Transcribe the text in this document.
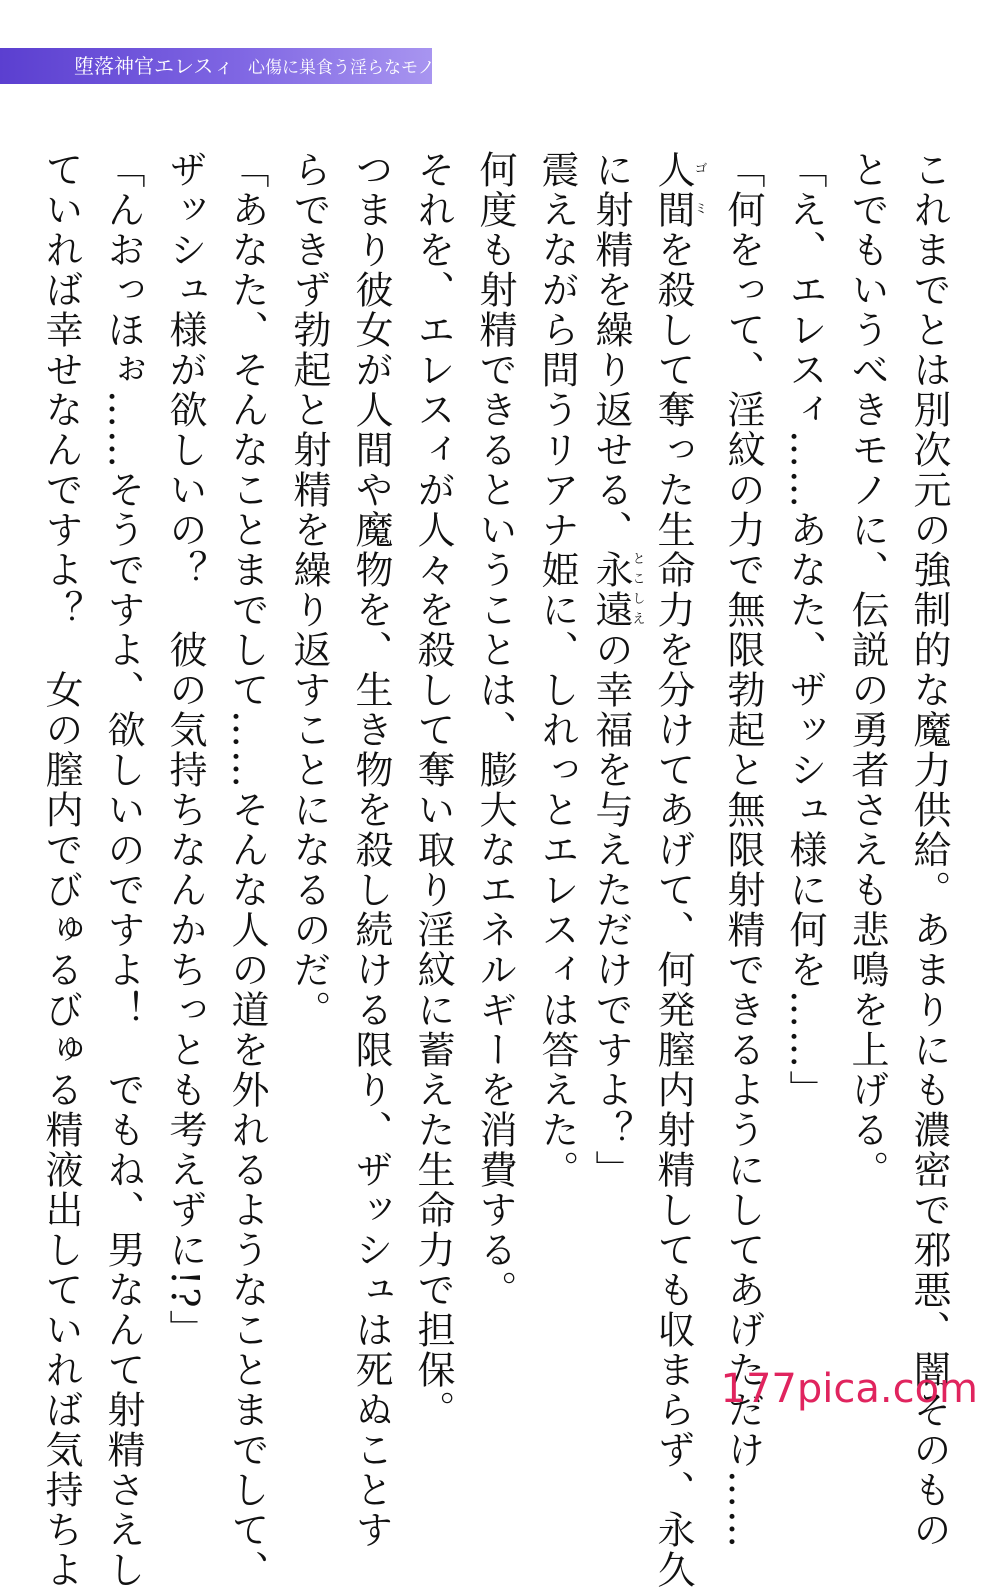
堕落神官エレスィ 心傷に巣食う淫らなモノ
これまでとは別次元の強制的な魔力供給。あまりにも濃密で邪悪、闇そのもの
とでもいうべきモノに、伝説の勇者さえも悲鳴を上げる。
「え、エレスィ……あなた、ザッシュ様に何を……」
「何をって、淫紋の力で無限勃起と無限射精できるようにしてあげただけ……
人間ゴミを殺して奪った生命力を分けてあげて、何発膣内射精しても収まらず、永久
に射精を繰り返せる、永遠とこしえの幸福を与えただけですよ？」
震えながら問うリアナ姫に、しれっとエレスィは答えた。
何度も射精できるということは、膨大なエネルギーを消費する。
それを、エレスィが人々を殺して奪い取り淫紋に蓄えた生命力で担保。
つまり彼女が人間や魔物を、生き物を殺し続ける限り、ザッシュは死ぬことす
らできず勃起と射精を繰り返すことになるのだ。
「あなた、そんなことまでして……そんな人の道を外れるようなことまでして、
ザッシュ様が欲しいの？　彼の気持ちなんかちっとも考えずに!?」
「んおっほぉ……そうですよ、欲しいのですよ！　でもね、男なんて射精さえし
ていれば幸せなんですよ？　女の膣内でびゅるびゅる精液出していれば気持ちよ	177pica.com
